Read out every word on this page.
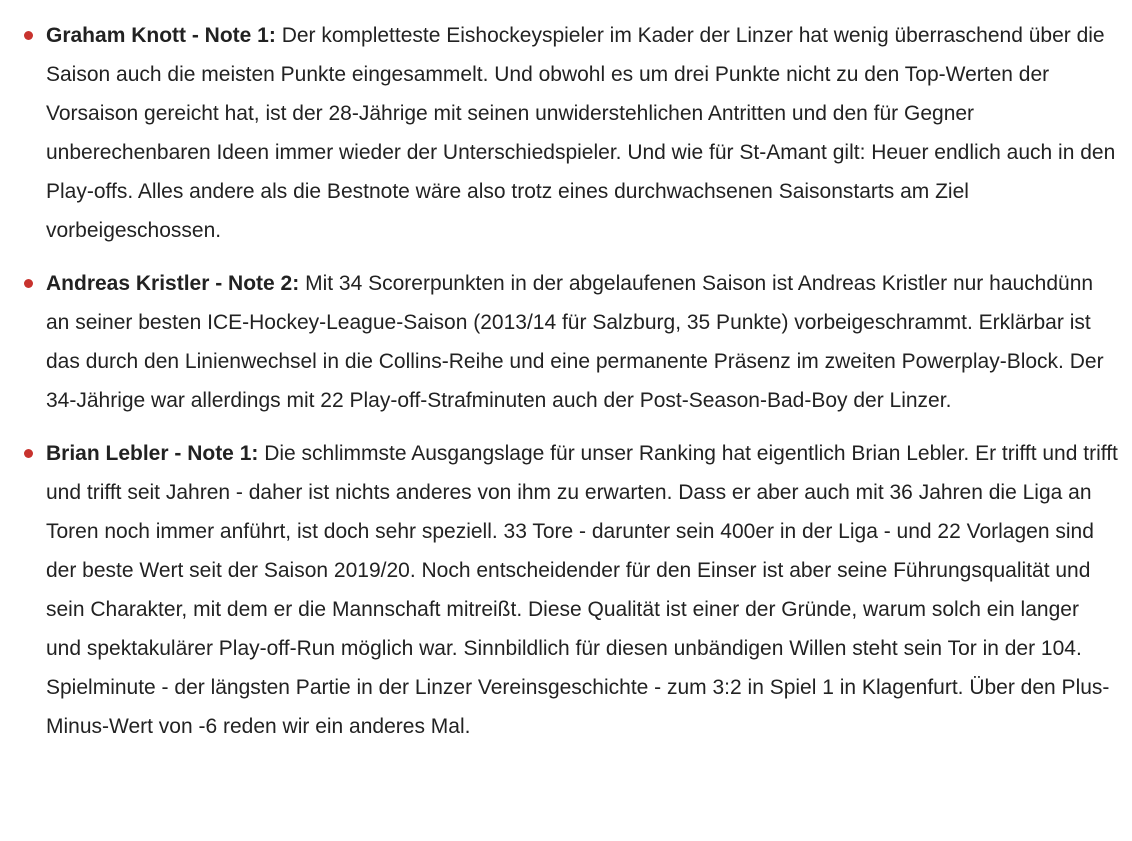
Graham Knott - Note 1: Der kompletteste Eishockeyspieler im Kader der Linzer hat wenig überraschend über die Saison auch die meisten Punkte eingesammelt. Und obwohl es um drei Punkte nicht zu den Top-Werten der Vorsaison gereicht hat, ist der 28-Jährige mit seinen unwiderstehlichen Antritten und den für Gegner unberechenbaren Ideen immer wieder der Unterschiedspieler. Und wie für St-Amant gilt: Heuer endlich auch in den Play-offs. Alles andere als die Bestnote wäre also trotz eines durchwachsenen Saisonstarts am Ziel vorbeigeschossen.
Andreas Kristler - Note 2: Mit 34 Scorerpunkten in der abgelaufenen Saison ist Andreas Kristler nur hauchdünn an seiner besten ICE-Hockey-League-Saison (2013/14 für Salzburg, 35 Punkte) vorbeigeschrammt. Erklärbar ist das durch den Linienwechsel in die Collins-Reihe und eine permanente Präsenz im zweiten Powerplay-Block. Der 34-Jährige war allerdings mit 22 Play-off-Strafminuten auch der Post-Season-Bad-Boy der Linzer.
Brian Lebler - Note 1: Die schlimmste Ausgangslage für unser Ranking hat eigentlich Brian Lebler. Er trifft und trifft und trifft seit Jahren - daher ist nichts anderes von ihm zu erwarten. Dass er aber auch mit 36 Jahren die Liga an Toren noch immer anführt, ist doch sehr speziell. 33 Tore - darunter sein 400er in der Liga - und 22 Vorlagen sind der beste Wert seit der Saison 2019/20. Noch entscheidender für den Einser ist aber seine Führungsqualität und sein Charakter, mit dem er die Mannschaft mitreißt. Diese Qualität ist einer der Gründe, warum solch ein langer und spektakulärer Play-off-Run möglich war. Sinnbildlich für diesen unbändigen Willen steht sein Tor in der 104. Spielminute - der längsten Partie in der Linzer Vereinsgeschichte - zum 3:2 in Spiel 1 in Klagenfurt. Über den Plus-Minus-Wert von -6 reden wir ein anderes Mal.
